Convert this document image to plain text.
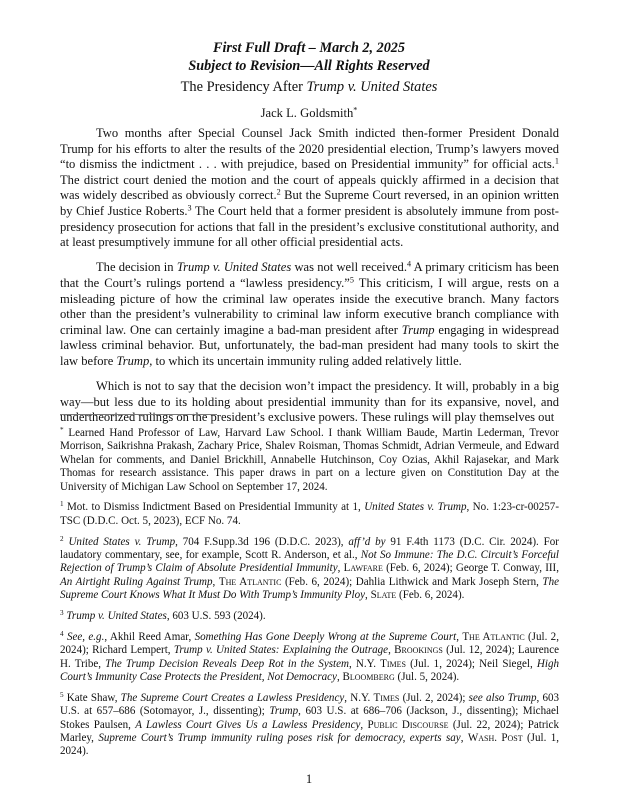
First Full Draft – March 2, 2025

Subject to Revision—All Rights Reserved

The Presidency After Trump v. United States

Jack L. Goldsmith*

Two months after Special Counsel Jack Smith indicted then-former President Donald Trump for his efforts to alter the results of the 2020 presidential election, Trump’s lawyers moved “to dismiss the indictment . . . with prejudice, based on Presidential immunity” for official acts.$^1$ The district court denied the motion and the court of appeals quickly affirmed in a decision that was widely described as obviously correct.$^2$ But the Supreme Court reversed, in an opinion written by Chief Justice Roberts.$^3$ The Court held that a former president is absolutely immune from post-presidency prosecution for actions that fall in the president’s exclusive constitutional authority, and at least presumptively immune for all other official presidential acts.

The decision in Trump v. United States was not well received.$^4$ A primary criticism has been that the Court’s rulings portend a “lawless presidency.”$^5$ This criticism, I will argue, rests on a misleading picture of how the criminal law operates inside the executive branch. Many factors other than the president’s vulnerability to criminal law inform executive branch compliance with criminal law. One can certainly imagine a bad-man president after Trump engaging in widespread lawless criminal behavior. But, unfortunately, the bad-man president had many tools to skirt the law before Trump, to which its uncertain immunity ruling added relatively little.

Which is not to say that the decision won’t impact the presidency. It will, probably in a big way—but less due to its holding about presidential immunity than for its expansive, novel, and undertheorized rulings on the president’s exclusive powers. These rulings will play themselves out

* Learned Hand Professor of Law, Harvard Law School. I thank William Baude, Martin Lederman, Trevor Morrison, Saikrishna Prakash, Zachary Price, Shalev Roisman, Thomas Schmidt, Adrian Vermeule, and Edward Whelan for comments, and Daniel Brickhill, Annabelle Hutchinson, Coy Ozias, Akhil Rajasekar, and Mark Thomas for research assistance. This paper draws in part on a lecture given on Constitution Day at the University of Michigan Law School on September 17, 2024.

$^1$ Mot. to Dismiss Indictment Based on Presidential Immunity at 1, United States v. Trump, No. 1:23-cr-00257-TSC (D.D.C. Oct. 5, 2023), ECF No. 74.

$^2$ United States v. Trump, 704 F.Supp.3d 196 (D.D.C. 2023), aff’d by 91 F.4th 1173 (D.C. Cir. 2024). For laudatory commentary, see, for example, Scott R. Anderson, et al., Not So Immune: The D.C. Circuit’s Forceful Rejection of Trump’s Claim of Absolute Presidential Immunity, Lawfare (Feb. 6, 2024); George T. Conway, III, An Airtight Ruling Against Trump, The Atlantic (Feb. 6, 2024); Dahlia Lithwick and Mark Joseph Stern, The Supreme Court Knows What It Must Do With Trump’s Immunity Ploy, Slate (Feb. 6, 2024).

$^3$ Trump v. United States, 603 U.S. 593 (2024).

$^4$ See, e.g., Akhil Reed Amar, Something Has Gone Deeply Wrong at the Supreme Court, The Atlantic (Jul. 2, 2024); Richard Lempert, Trump v. United States: Explaining the Outrage, Brookings (Jul. 12, 2024); Laurence H. Tribe, The Trump Decision Reveals Deep Rot in the System, N.Y. Times (Jul. 1, 2024); Neil Siegel, High Court’s Immunity Case Protects the President, Not Democracy, Bloomberg (Jul. 5, 2024).

$^5$ Kate Shaw, The Supreme Court Creates a Lawless Presidency, N.Y. Times (Jul. 2, 2024); see also Trump, 603 U.S. at 657–686 (Sotomayor, J., dissenting); Trump, 603 U.S. at 686–706 (Jackson, J., dissenting); Michael Stokes Paulsen, A Lawless Court Gives Us a Lawless Presidency, Public Discourse (Jul. 22, 2024); Patrick Marley, Supreme Court’s Trump immunity ruling poses risk for democracy, experts say, Wash. Post (Jul. 1, 2024).

1
